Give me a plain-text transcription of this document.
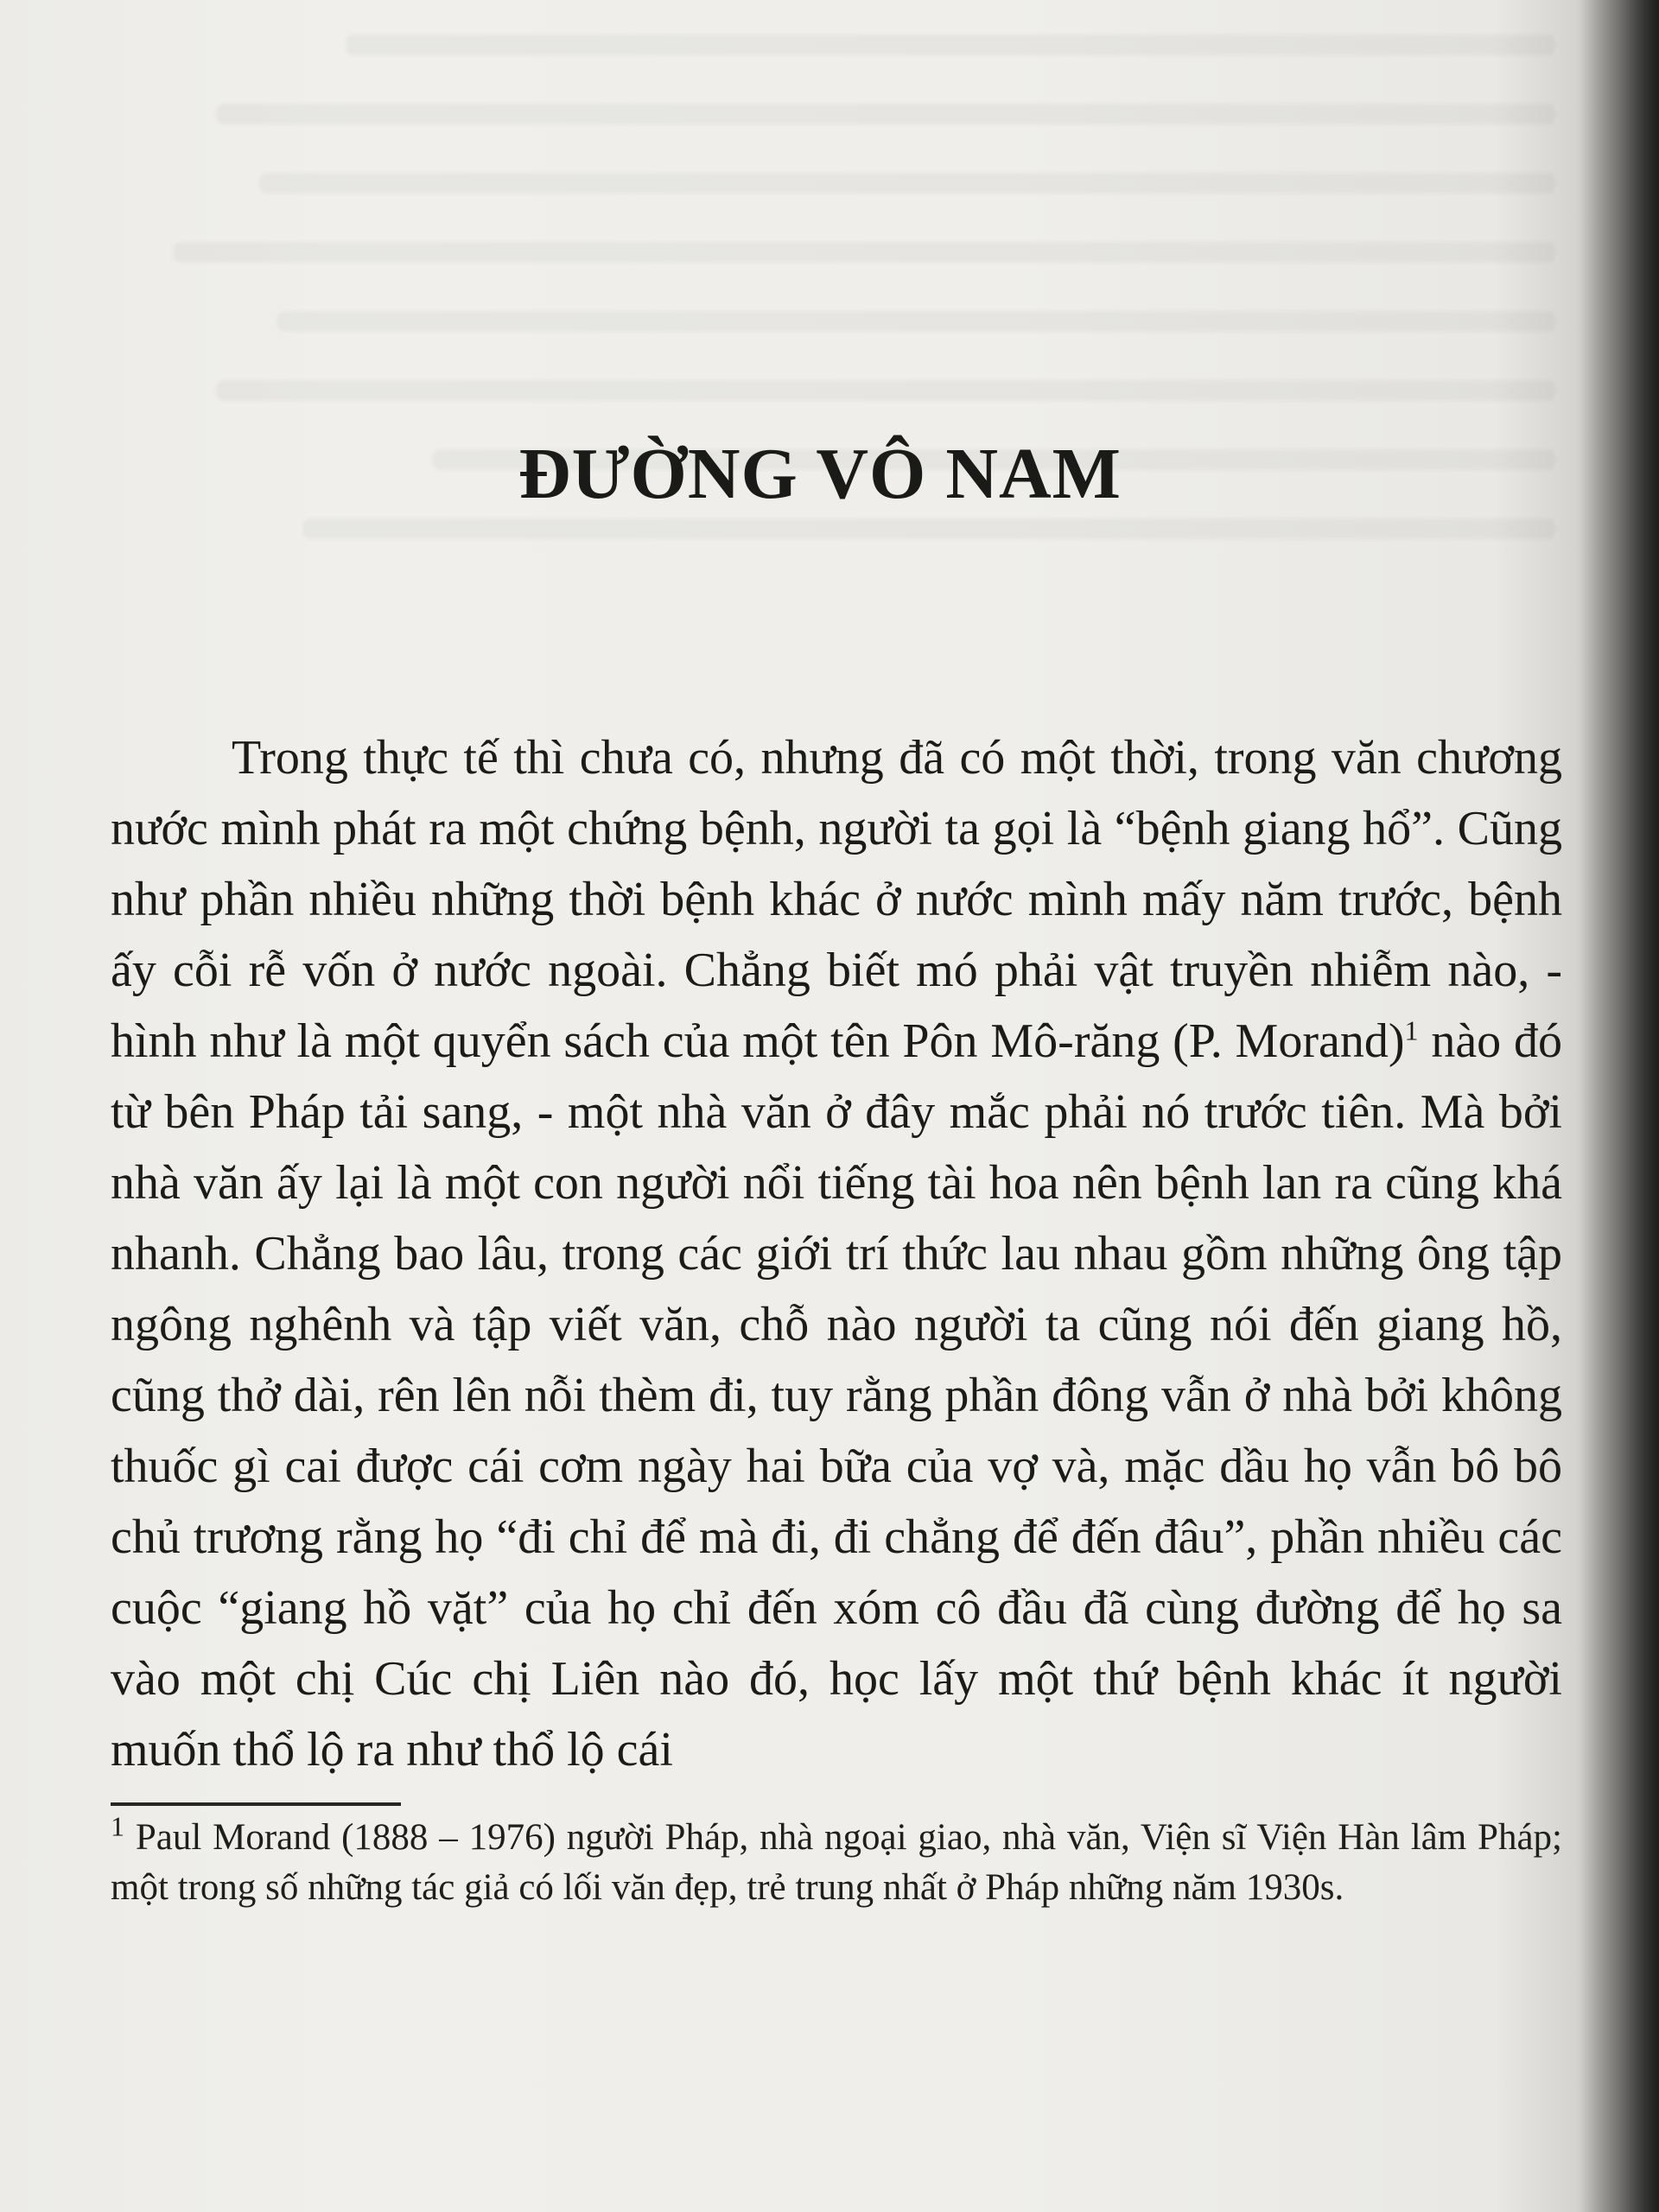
ĐƯỜNG VÔ NAM

Trong thực tế thì chưa có, nhưng đã có một thời, trong văn chương nước mình phát ra một chứng bệnh, người ta gọi là “bệnh giang hổ”. Cũng như phần nhiều những thời bệnh khác ở nước mình mấy năm trước, bệnh ấy cỗi rễ vốn ở nước ngoài. Chẳng biết mó phải vật truyền nhiễm nào, - hình như là một quyển sách của một tên Pôn Mô-răng (P. Morand)$^1$ nào đó từ bên Pháp tải sang, - một nhà văn ở đây mắc phải nó trước tiên. Mà bởi nhà văn ấy lại là một con người nổi tiếng tài hoa nên bệnh lan ra cũng khá nhanh. Chẳng bao lâu, trong các giới trí thức lau nhau gồm những ông tập ngông nghênh và tập viết văn, chỗ nào người ta cũng nói đến giang hồ, cũng thở dài, rên lên nỗi thèm đi, tuy rằng phần đông vẫn ở nhà bởi không thuốc gì cai được cái cơm ngày hai bữa của vợ và, mặc dầu họ vẫn bô bô chủ trương rằng họ “đi chỉ để mà đi, đi chẳng để đến đâu”, phần nhiều các cuộc “giang hồ vặt” của họ chỉ đến xóm cô đầu đã cùng đường để họ sa vào một chị Cúc chị Liên nào đó, học lấy một thứ bệnh khác ít người muốn thổ lộ ra như thổ lộ cái

$^1$ Paul Morand (1888 – 1976) người Pháp, nhà ngoại giao, nhà văn, Viện sĩ Viện Hàn lâm Pháp; một trong số những tác giả có lối văn đẹp, trẻ trung nhất ở Pháp những năm 1930s.
